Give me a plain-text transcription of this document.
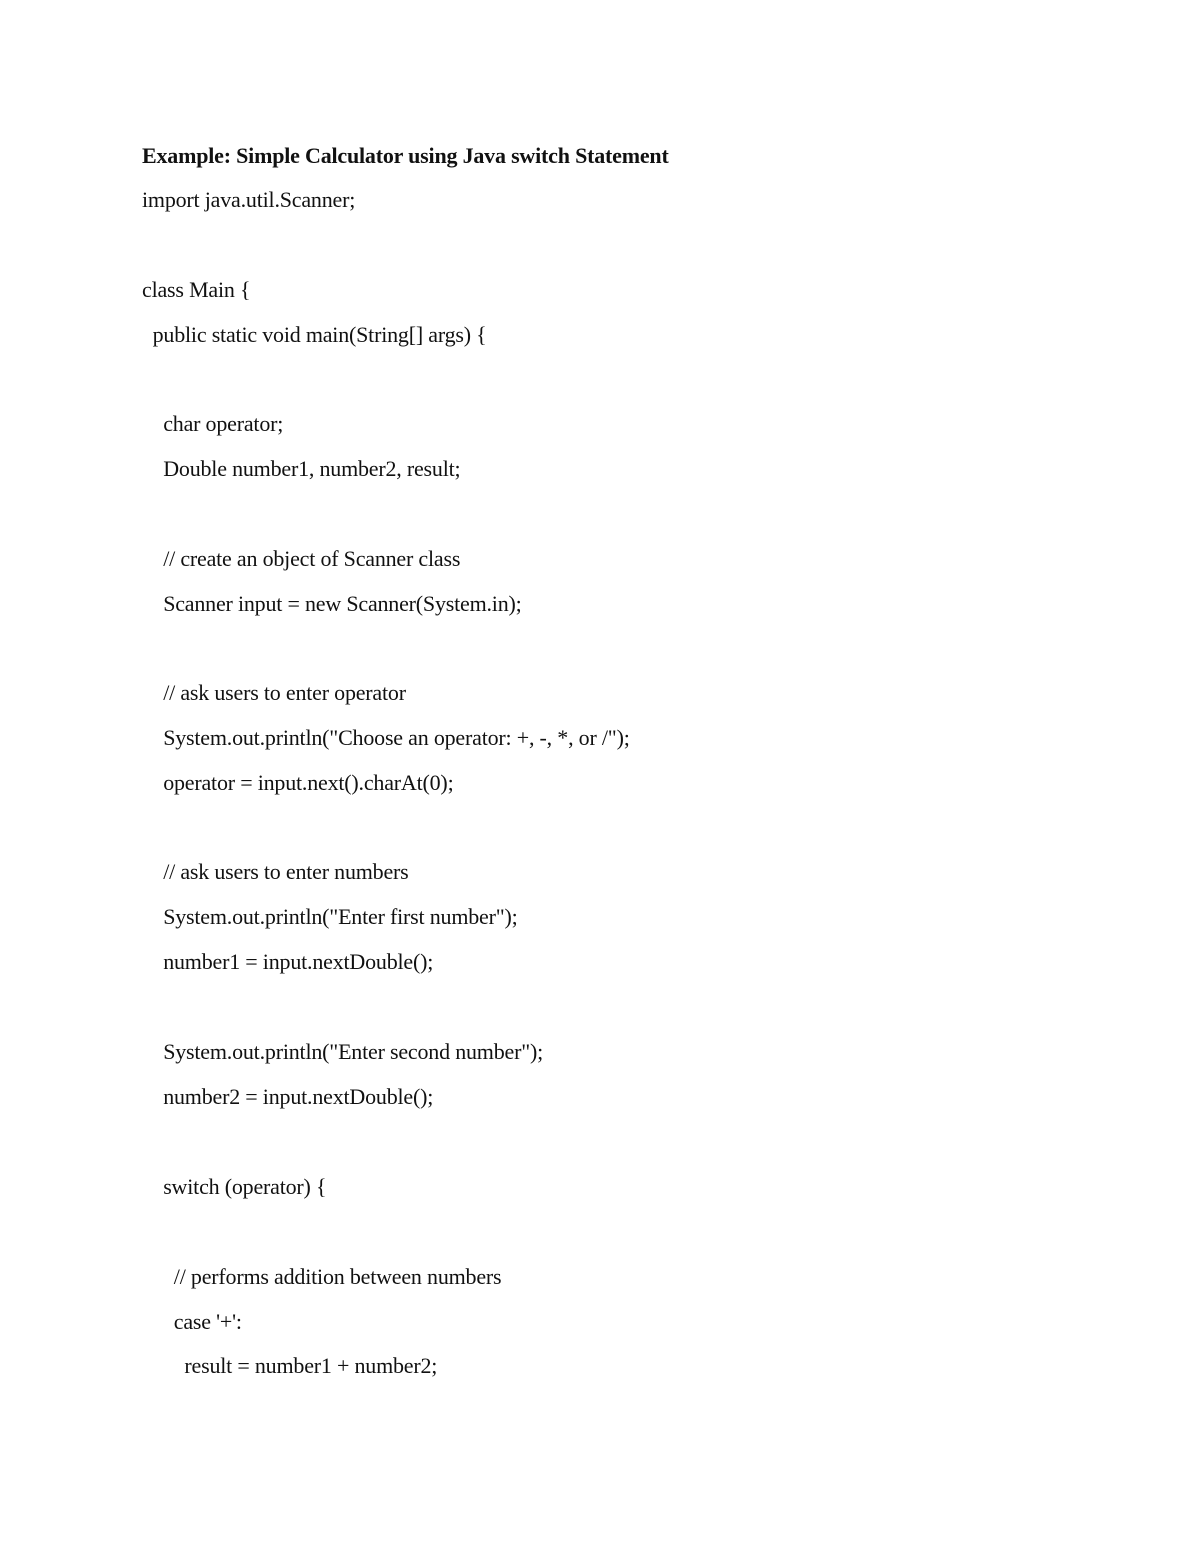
Example: Simple Calculator using Java switch Statement
import java.util.Scanner;
class Main {
public static void main(String[] args) {
char operator;
Double number1, number2, result;
// create an object of Scanner class
Scanner input = new Scanner(System.in);
// ask users to enter operator
System.out.println("Choose an operator: +, -, *, or /");
operator = input.next().charAt(0);
// ask users to enter numbers
System.out.println("Enter first number");
number1 = input.nextDouble();
System.out.println("Enter second number");
number2 = input.nextDouble();
switch (operator) {
// performs addition between numbers
case '+':
result = number1 + number2;
